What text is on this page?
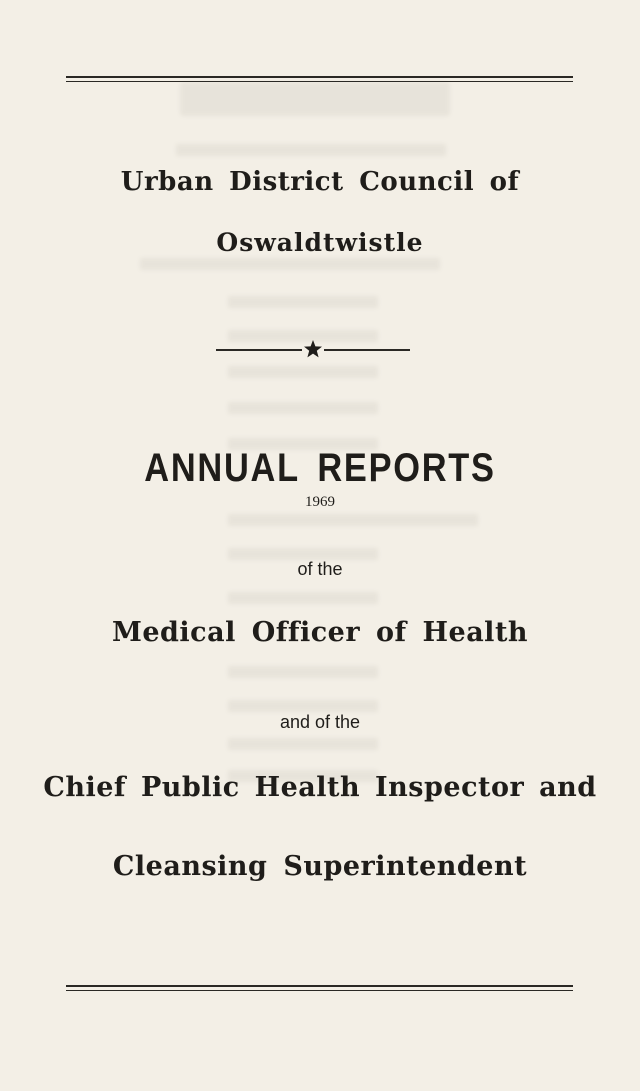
Urban District Council of
Oswaldtwistle
ANNUAL REPORTS
1969
of the
Medical Officer of Health
and of the
Chief Public Health Inspector and
Cleansing Superintendent
